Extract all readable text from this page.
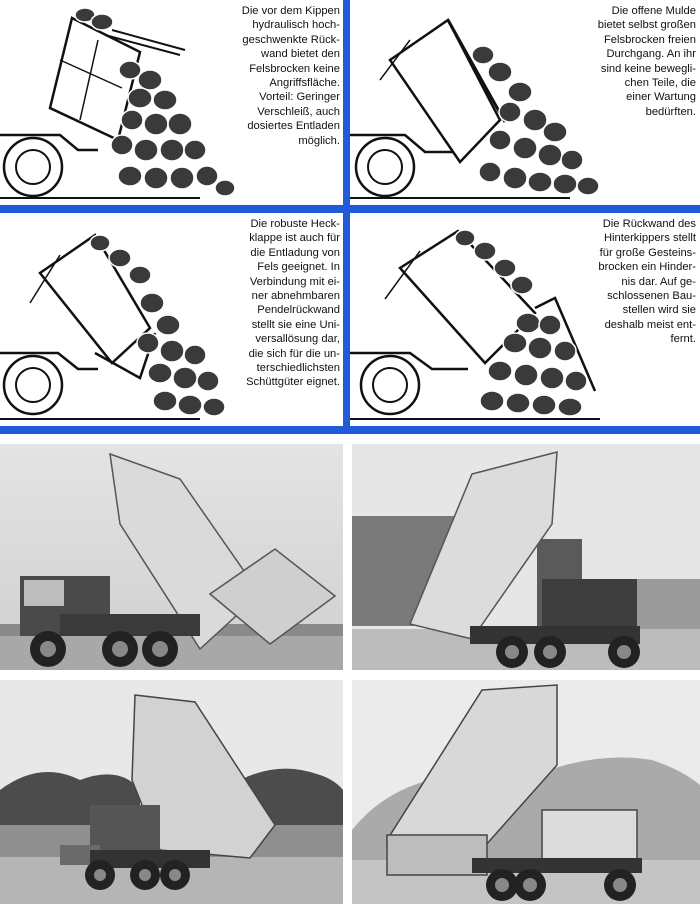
Die vor dem Kippen
hydraulisch hoch-
geschwenkte Rück-
wand bietet den
Felsbrocken keine
Angriffsfläche.
Vorteil: Geringer
Verschleiß, auch
dosiertes Entladen
möglich.
Die offene Mulde
bietet selbst großen
Felsbrocken freien
Durchgang. An ihr
sind keine bewegli-
chen Teile, die
einer Wartung
bedürften.
Die robuste Heck-
klappe ist auch für
die Entladung von
Fels geeignet. In
Verbindung mit ei-
ner abnehmbaren
Pendelrückwand
stellt sie eine Uni-
versallösung dar,
die sich für die un-
terschiedlichsten
Schüttgüter eignet.
Die Rückwand des
Hinterkippers stellt
für große Gesteins-
brocken ein Hinder-
nis dar. Auf ge-
schlossenen Bau-
stellen wird sie
deshalb meist ent-
fernt.
